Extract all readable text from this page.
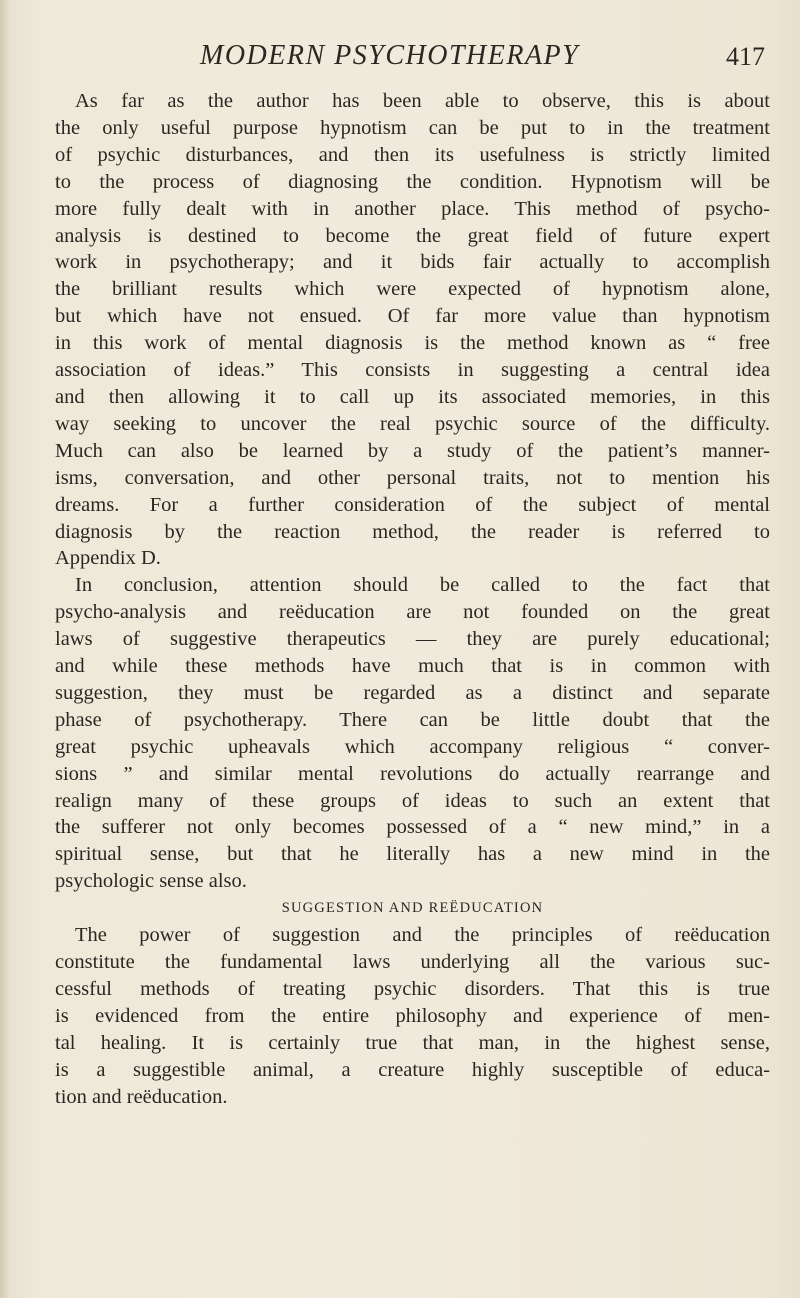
MODERN PSYCHOTHERAPY	417

As far as the author has been able to observe, this is about
the only useful purpose hypnotism can be put to in the treatment
of psychic disturbances, and then its usefulness is strictly limited
to the process of diagnosing the condition. Hypnotism will be
more fully dealt with in another place. This method of psycho-
analysis is destined to become the great field of future expert
work in psychotherapy; and it bids fair actually to accomplish
the brilliant results which were expected of hypnotism alone,
but which have not ensued. Of far more value than hypnotism
in this work of mental diagnosis is the method known as “ free
association of ideas.” This consists in suggesting a central idea
and then allowing it to call up its associated memories, in this
way seeking to uncover the real psychic source of the difficulty.
Much can also be learned by a study of the patient’s manner-
isms, conversation, and other personal traits, not to mention his
dreams. For a further consideration of the subject of mental
diagnosis by the reaction method, the reader is referred to
Appendix D.

In conclusion, attention should be called to the fact that
psycho-analysis and reëducation are not founded on the great
laws of suggestive therapeutics — they are purely educational;
and while these methods have much that is in common with
suggestion, they must be regarded as a distinct and separate
phase of psychotherapy. There can be little doubt that the
great psychic upheavals which accompany religious “ conver-
sions ” and similar mental revolutions do actually rearrange and
realign many of these groups of ideas to such an extent that
the sufferer not only becomes possessed of a “ new mind,” in a
spiritual sense, but that he literally has a new mind in the
psychologic sense also.

SUGGESTION AND REËDUCATION

The power of suggestion and the principles of reëducation
constitute the fundamental laws underlying all the various suc-
cessful methods of treating psychic disorders. That this is true
is evidenced from the entire philosophy and experience of men-
tal healing. It is certainly true that man, in the highest sense,
is a suggestible animal, a creature highly susceptible of educa-
tion and reëducation.
